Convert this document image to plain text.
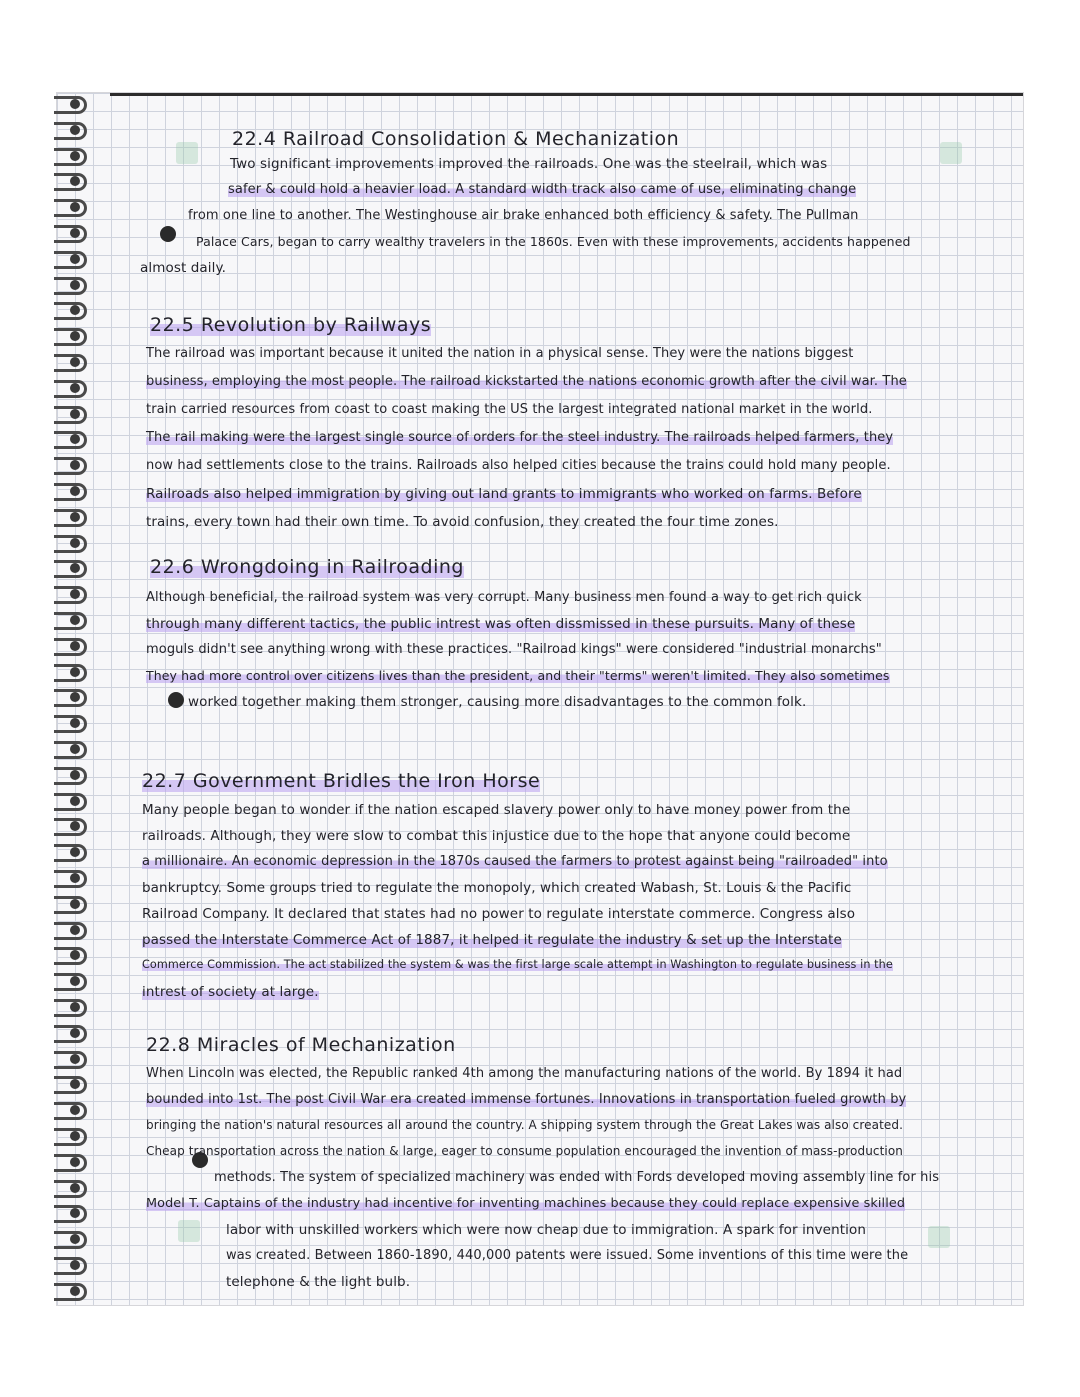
22.4 Railroad Consolidation & Mechanization
Two significant improvements improved the railroads. One was the steelrail, which was
safer & could hold a heavier load. A standard width track also came of use, eliminating change
from one line to another. The Westinghouse air brake enhanced both efficiency & safety. The Pullman
Palace Cars, began to carry wealthy travelers in the 1860s. Even with these improvements, accidents happened
almost daily.
22.5 Revolution by Railways
The railroad was important because it united the nation in a physical sense. They were the nations biggest
business, employing the most people. The railroad kickstarted the nations economic growth after the civil war. The
train carried resources from coast to coast making the US the largest integrated national market in the world.
The rail making were the largest single source of orders for the steel industry. The railroads helped farmers, they
now had settlements close to the trains. Railroads also helped cities because the trains could hold many people.
Railroads also helped immigration by giving out land grants to immigrants who worked on farms. Before
trains, every town had their own time. To avoid confusion, they created the four time zones.
22.6 Wrongdoing in Railroading
Although beneficial, the railroad system was very corrupt. Many business men found a way to get rich quick
through many different tactics, the public intrest was often dissmissed in these pursuits. Many of these
moguls didn't see anything wrong with these practices. "Railroad kings" were considered "industrial monarchs"
They had more control over citizens lives than the president, and their "terms" weren't limited. They also sometimes
worked together making them stronger, causing more disadvantages to the common folk.
22.7 Government Bridles the Iron Horse
Many people began to wonder if the nation escaped slavery power only to have money power from the
railroads. Although, they were slow to combat this injustice due to the hope that anyone could become
a millionaire. An economic depression in the 1870s caused the farmers to protest against being "railroaded" into
bankruptcy. Some groups tried to regulate the monopoly, which created Wabash, St. Louis & the Pacific
Railroad Company. It declared that states had no power to regulate interstate commerce. Congress also
passed the Interstate Commerce Act of 1887, it helped it regulate the industry & set up the Interstate
Commerce Commission. The act stabilized the system & was the first large scale attempt in Washington to regulate business in the
intrest of society at large.
22.8 Miracles of Mechanization
When Lincoln was elected, the Republic ranked 4th among the manufacturing nations of the world. By 1894 it had
bounded into 1st. The post Civil War era created immense fortunes. Innovations in transportation fueled growth by
bringing the nation's natural resources all around the country. A shipping system through the Great Lakes was also created.
Cheap transportation across the nation & large, eager to consume population encouraged the invention of mass-production
methods. The system of specialized machinery was ended with Fords developed moving assembly line for his
Model T. Captains of the industry had incentive for inventing machines because they could replace expensive skilled
labor with unskilled workers which were now cheap due to immigration. A spark for invention
was created. Between 1860-1890, 440,000 patents were issued. Some inventions of this time were the
telephone & the light bulb.
